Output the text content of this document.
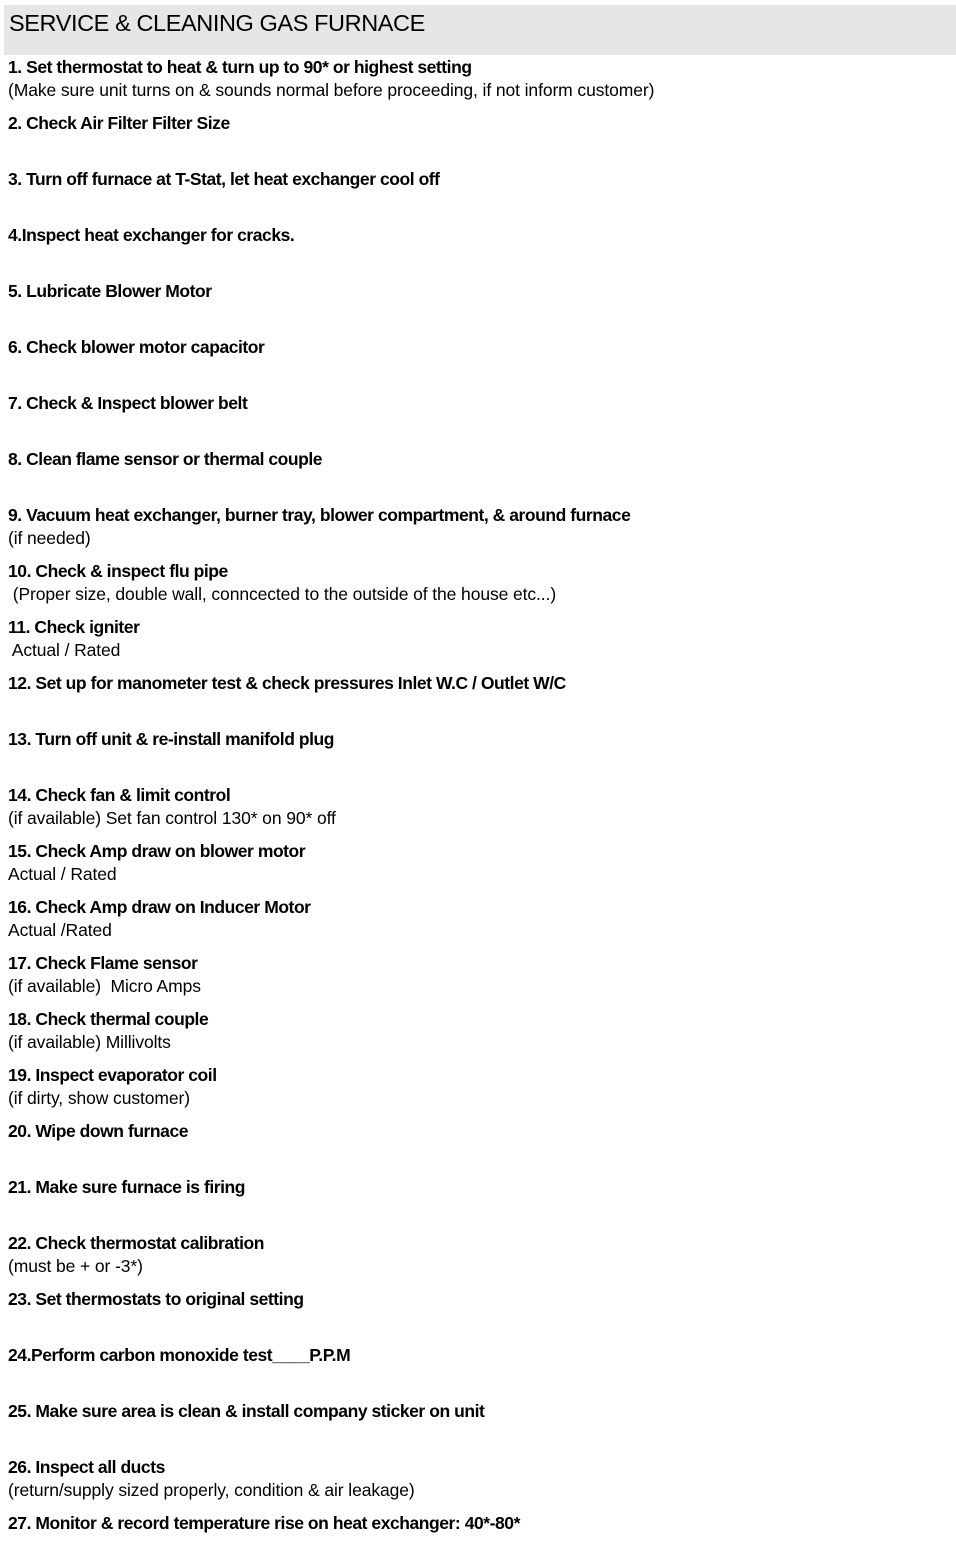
SERVICE & CLEANING GAS FURNACE
1. Set thermostat to heat & turn up to 90* or highest setting
(Make sure unit turns on & sounds normal before proceeding, if not inform customer)
2. Check Air Filter Filter Size
3. Turn off furnace at T-Stat, let heat exchanger cool off
4.Inspect heat exchanger for cracks.
5. Lubricate Blower Motor
6. Check blower motor capacitor
7. Check & Inspect blower belt
8. Clean flame sensor or thermal couple
9. Vacuum heat exchanger, burner tray, blower compartment, & around furnace
(if needed)
10. Check & inspect flu pipe
(Proper size, double wall, conncected to the outside of the house etc...)
11. Check igniter
Actual / Rated
12. Set up for manometer test & check pressures Inlet W.C / Outlet W/C
13. Turn off unit & re-install manifold plug
14. Check fan & limit control
(if available) Set fan control 130* on 90* off
15. Check Amp draw on blower motor
Actual / Rated
16. Check Amp draw on Inducer Motor
Actual /Rated
17. Check Flame sensor
(if available)  Micro Amps
18. Check thermal couple
(if available) Millivolts
19. Inspect evaporator coil
(if dirty, show customer)
20. Wipe down furnace
21. Make sure furnace is firing
22. Check thermostat calibration
(must be + or -3*)
23. Set thermostats to original setting
24.Perform carbon monoxide test____P.P.M
25. Make sure area is clean & install company sticker on unit
26. Inspect all ducts
(return/supply sized properly, condition & air leakage)
27. Monitor & record temperature rise on heat exchanger: 40*-80*
